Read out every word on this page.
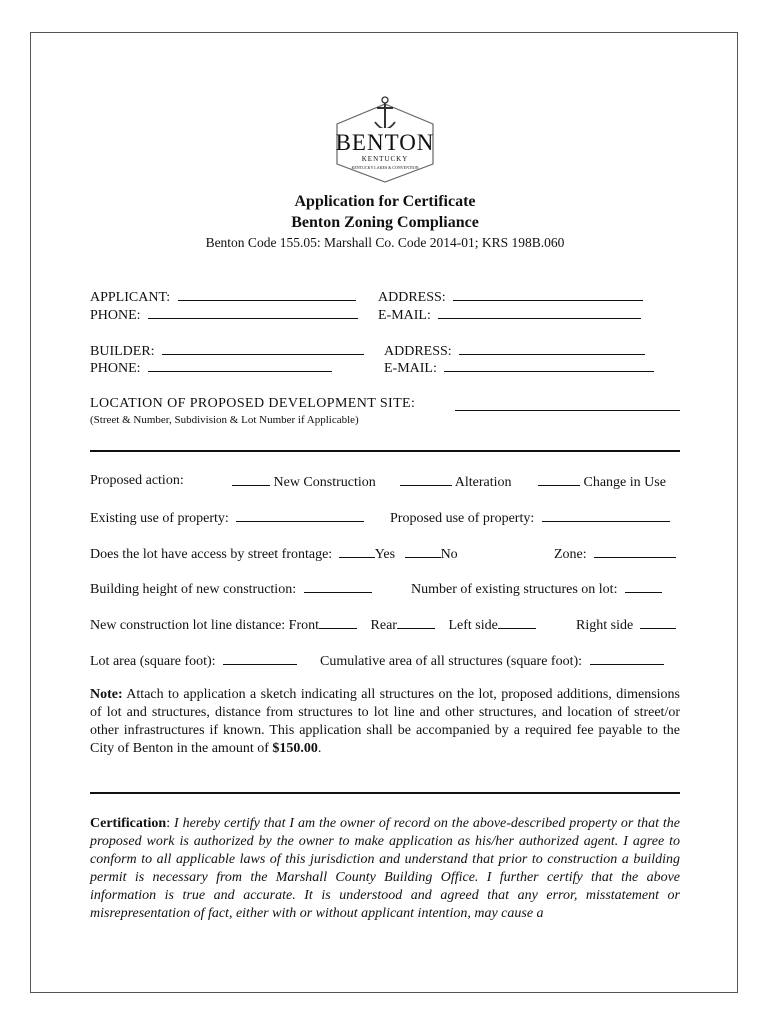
BENTON
KENTUCKY
KENTUCKY LAKES & CONVENTION
Application for Certificate
Benton Zoning Compliance
Benton Code 155.05: Marshall Co. Code 2014-01; KRS 198B.060
APPLICANT:	ADDRESS:
PHONE:	E-MAIL:
BUILDER:	ADDRESS:
PHONE:	E-MAIL:
LOCATION OF PROPOSED DEVELOPMENT SITE:
(Street & Number, Subdivision & Lot Number if Applicable)
Proposed action:	New Construction	Alteration	Change in Use
Existing use of property:	Proposed use of property:
Does the lot have access by street frontage:	Yes	No	Zone:
Building height of new construction:	Number of existing structures on lot:
New construction lot line distance: Front	Rear	Left side	Right side
Lot area (square foot):	Cumulative area of all structures (square foot):
Note: Attach to application a sketch indicating all structures on the lot, proposed additions, dimensions of lot and structures, distance from structures to lot line and other structures, and location of street/or other infrastructures if known. This application shall be accompanied by a required fee payable to the City of Benton in the amount of $150.00.
Certification: I hereby certify that I am the owner of record on the above-described property or that the proposed work is authorized by the owner to make application as his/her authorized agent. I agree to conform to all applicable laws of this jurisdiction and understand that prior to construction a building permit is necessary from the Marshall County Building Office. I further certify that the above information is true and accurate. It is understood and agreed that any error, misstatement or misrepresentation of fact, either with or without applicant intention, may cause a
